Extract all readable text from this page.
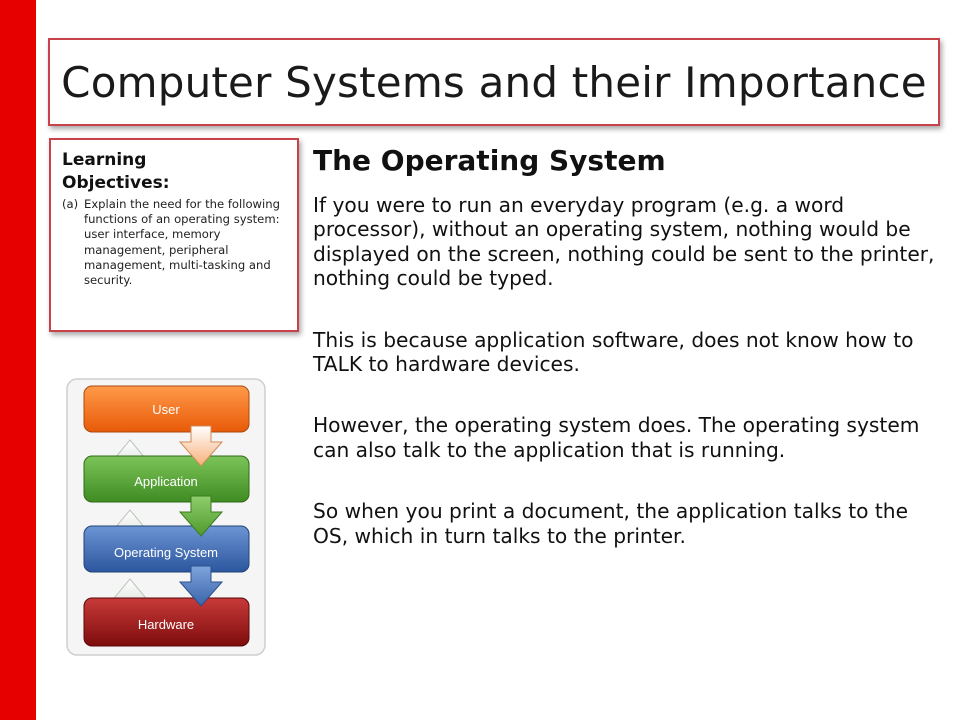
Computer Systems and their Importance
Learning
Objectives:
(a) Explain the need for the following functions of an operating system: user interface, memory management, peripheral management, multi-tasking and security.
The Operating System

If you were to run an everyday program (e.g. a word processor), without an operating system, nothing would be displayed on the screen, nothing could be sent to the printer, nothing could be typed.

This is because application software, does not know how to TALK to hardware devices.

However, the operating system does. The operating system can also talk to the application that is running.

So when you print a document, the application talks to the OS, which in turn talks to the printer.

User
Application
Operating System
Hardware
